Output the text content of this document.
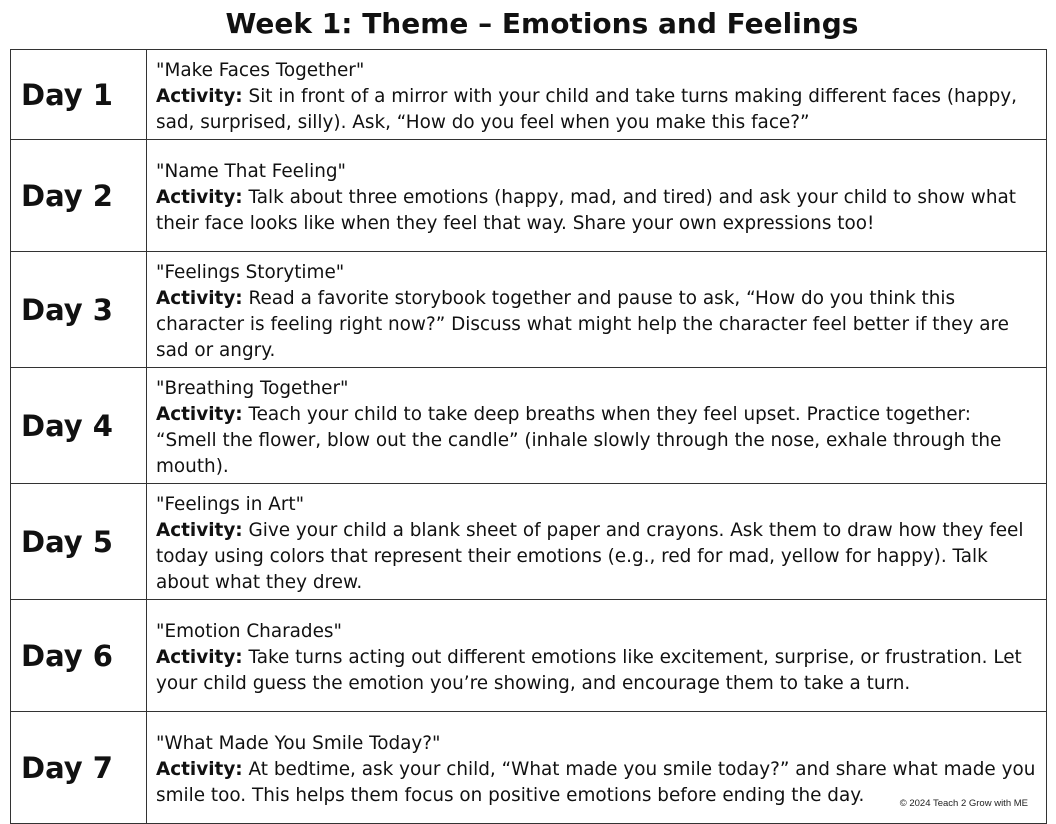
Week 1: Theme – Emotions and Feelings
Day 1	"Make Faces Together"
Activity: Sit in front of a mirror with your child and take turns making different faces (happy, sad, surprised, silly). Ask, “How do you feel when you make this face?”

Day 2	"Name That Feeling"
Activity: Talk about three emotions (happy, mad, and tired) and ask your child to show what their face looks like when they feel that way. Share your own expressions too!

Day 3	"Feelings Storytime"
Activity: Read a favorite storybook together and pause to ask, “How do you think this character is feeling right now?” Discuss what might help the character feel better if they are sad or angry.

Day 4	"Breathing Together"
Activity: Teach your child to take deep breaths when they feel upset. Practice together: “Smell the flower, blow out the candle” (inhale slowly through the nose, exhale through the mouth).

Day 5	"Feelings in Art"
Activity: Give your child a blank sheet of paper and crayons. Ask them to draw how they feel today using colors that represent their emotions (e.g., red for mad, yellow for happy). Talk about what they drew.

Day 6	"Emotion Charades"
Activity: Take turns acting out different emotions like excitement, surprise, or frustration. Let your child guess the emotion you’re showing, and encourage them to take a turn.

Day 7	"What Made You Smile Today?"
Activity: At bedtime, ask your child, “What made you smile today?” and share what made you smile too. This helps them focus on positive emotions before ending the day.	© 2024 Teach 2 Grow with ME
